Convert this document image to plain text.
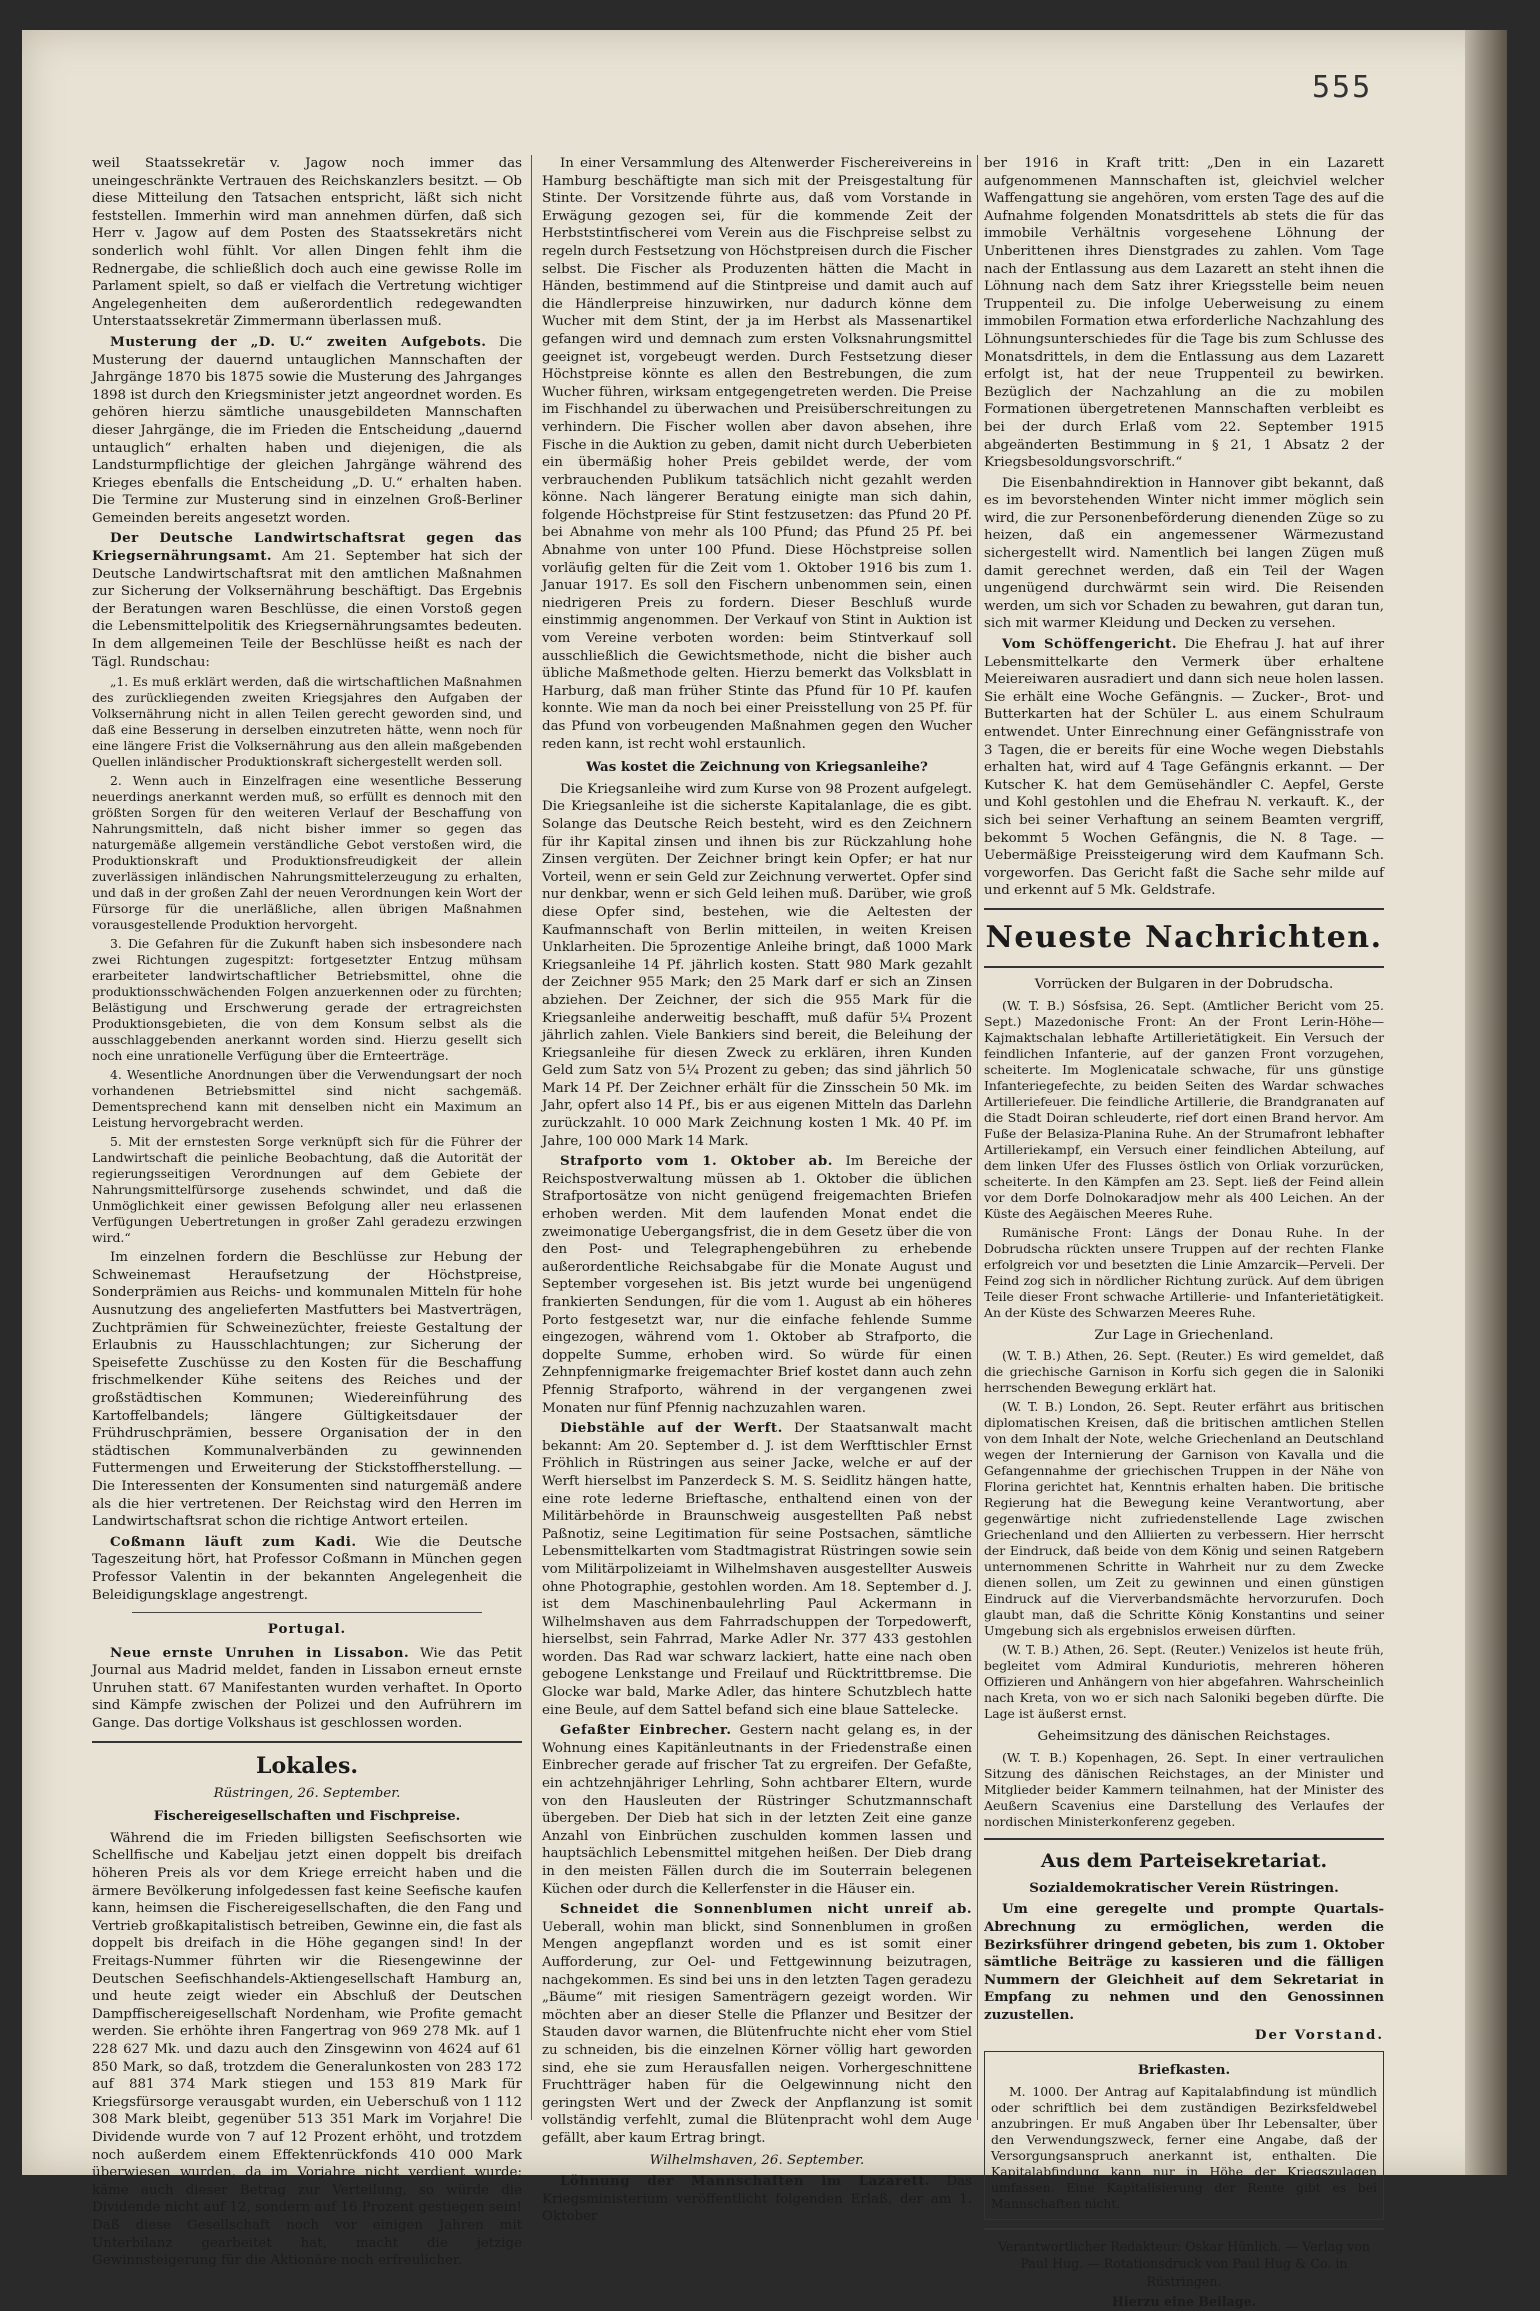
555

weil Staatssekretär v. Jagow noch immer das uneingeschränkte Vertrauen des Reichskanzlers besitzt. — Ob diese Mitteilung den Tatsachen entspricht, läßt sich nicht feststellen. Immerhin wird man annehmen dürfen, daß sich Herr v. Jagow auf dem Posten des Staatssekretärs nicht sonderlich wohl fühlt. Vor allen Dingen fehlt ihm die Rednergabe, die schließlich doch auch eine gewisse Rolle im Parlament spielt, so daß er vielfach die Vertretung wichtiger Angelegenheiten dem außerordentlich redegewandten Unterstaatssekretär Zimmermann überlassen muß.

Musterung der „D. U.“ zweiten Aufgebots. Die Musterung der dauernd untauglichen Mannschaften der Jahrgänge 1870 bis 1875 sowie die Musterung des Jahrganges 1898 ist durch den Kriegsminister jetzt angeordnet worden. Es gehören hierzu sämtliche unausgebildeten Mannschaften dieser Jahrgänge, die im Frieden die Entscheidung „dauernd untauglich“ erhalten haben und diejenigen, die als Landsturmpflichtige der gleichen Jahrgänge während des Krieges ebenfalls die Entscheidung „D. U.“ erhalten haben. Die Termine zur Musterung sind in einzelnen Groß-Berliner Gemeinden bereits angesetzt worden.

Der Deutsche Landwirtschaftsrat gegen das Kriegsernährungsamt. Am 21. September hat sich der Deutsche Landwirtschaftsrat mit den amtlichen Maßnahmen zur Sicherung der Volksernährung beschäftigt. Das Ergebnis der Beratungen waren Beschlüsse, die einen Vorstoß gegen die Lebensmittelpolitik des Kriegsernährungsamtes bedeuten. In dem allgemeinen Teile der Beschlüsse heißt es nach der Tägl. Rundschau:

„1. Es muß erklärt werden, daß die wirtschaftlichen Maßnahmen des zurückliegenden zweiten Kriegsjahres den Aufgaben der Volksernährung nicht in allen Teilen gerecht geworden sind, und daß eine Besserung in derselben einzutreten hätte, wenn noch für eine längere Frist die Volksernährung aus den allein maßgebenden Quellen inländischer Produktionskraft sichergestellt werden soll.

2. Wenn auch in Einzelfragen eine wesentliche Besserung neuerdings anerkannt werden muß, so erfüllt es dennoch mit den größten Sorgen für den weiteren Verlauf der Beschaffung von Nahrungsmitteln, daß nicht bisher immer so gegen das naturgemäße allgemein verständliche Gebot verstoßen wird, die Produktionskraft und Produktionsfreudigkeit der allein zuverlässigen inländischen Nahrungsmittelerzeugung zu erhalten, und daß in der großen Zahl der neuen Verordnungen kein Wort der Fürsorge für die unerläßliche, allen übrigen Maßnahmen vorausgestellende Produktion hervorgeht.

3. Die Gefahren für die Zukunft haben sich insbesondere nach zwei Richtungen zugespitzt: fortgesetzter Entzug mühsam erarbeiteter landwirtschaftlicher Betriebsmittel, ohne die produktionsschwächenden Folgen anzuerkennen oder zu fürchten; Belästigung und Erschwerung gerade der ertragreichsten Produktionsgebieten, die von dem Konsum selbst als die ausschlaggebenden anerkannt worden sind. Hierzu gesellt sich noch eine unrationelle Verfügung über die Ernteerträge.

4. Wesentliche Anordnungen über die Verwendungsart der noch vorhandenen Betriebsmittel sind nicht sachgemäß. Dementsprechend kann mit denselben nicht ein Maximum an Leistung hervorgebracht werden.

5. Mit der ernstesten Sorge verknüpft sich für die Führer der Landwirtschaft die peinliche Beobachtung, daß die Autorität der regierungsseitigen Verordnungen auf dem Gebiete der Nahrungsmittelfürsorge zusehends schwindet, und daß die Unmöglichkeit einer gewissen Befolgung aller neu erlassenen Verfügungen Uebertretungen in großer Zahl geradezu erzwingen wird.“

Im einzelnen fordern die Beschlüsse zur Hebung der Schweinemast Heraufsetzung der Höchstpreise, Sonderprämien aus Reichs- und kommunalen Mitteln für hohe Ausnutzung des angelieferten Mastfutters bei Mastverträgen, Zuchtprämien für Schweinezüchter, freieste Gestaltung der Erlaubnis zu Hausschlachtungen; zur Sicherung der Speisefette Zuschüsse zu den Kosten für die Beschaffung frischmelkender Kühe seitens des Reiches und der großstädtischen Kommunen; Wiedereinführung des Kartoffelbandels; längere Gültigkeitsdauer der Frühdruschprämien, bessere Organisation der in den städtischen Kommunalverbänden zu gewinnenden Futtermengen und Erweiterung der Stickstoffherstellung. — Die Interessenten der Konsumenten sind naturgemäß andere als die hier vertretenen. Der Reichstag wird den Herren im Landwirtschaftsrat schon die richtige Antwort erteilen.

Coßmann läuft zum Kadi. Wie die Deutsche Tageszeitung hört, hat Professor Coßmann in München gegen Professor Valentin in der bekannten Angelegenheit die Beleidigungsklage angestrengt.

Portugal.

Neue ernste Unruhen in Lissabon. Wie das Petit Journal aus Madrid meldet, fanden in Lissabon erneut ernste Unruhen statt. 67 Manifestanten wurden verhaftet. In Oporto sind Kämpfe zwischen der Polizei und den Aufrührern im Gange. Das dortige Volkshaus ist geschlossen worden.

Lokales.

Rüstringen, 26. September.

Fischereigesellschaften und Fischpreise.

Während die im Frieden billigsten Seefischsorten wie Schellfische und Kabeljau jetzt einen doppelt bis dreifach höheren Preis als vor dem Kriege erreicht haben und die ärmere Bevölkerung infolgedessen fast keine Seefische kaufen kann, heimsen die Fischereigesellschaften, die den Fang und Vertrieb großkapitalistisch betreiben, Gewinne ein, die fast als doppelt bis dreifach in die Höhe gegangen sind! In der Freitags-Nummer führten wir die Riesengewinne der Deutschen Seefischhandels-Aktiengesellschaft Hamburg an, und heute zeigt wieder ein Abschluß der Deutschen Dampffischereigesellschaft Nordenham, wie Profite gemacht werden. Sie erhöhte ihren Fangertrag von 969 278 Mk. auf 1 228 627 Mk. und dazu auch den Zinsgewinn von 4624 auf 61 850 Mark, so daß, trotzdem die Generalunkosten von 283 172 auf 881 374 Mark stiegen und 153 819 Mark für Kriegsfürsorge verausgabt wurden, ein Ueberschuß von 1 112 308 Mark bleibt, gegenüber 513 351 Mark im Vorjahre! Die Dividende wurde von 7 auf 12 Prozent erhöht, und trotzdem noch außerdem einem Effektenrückfonds 410 000 Mark überwiesen wurden, da im Vorjahre nicht verdient wurde; käme auch dieser Betrag zur Verteilung, so würde die Dividende nicht auf 12, sondern auf 16 Prozent gestiegen sein! Daß diese Gesellschaft noch vor einigen Jahren mit Unterbilanz gearbeitet hat, macht die jetzige Gewinnsteigerung für die Aktionäre noch erfreulicher.

In einer Versammlung des Altenwerder Fischereivereins in Hamburg beschäftigte man sich mit der Preisgestaltung für Stinte. Der Vorsitzende führte aus, daß vom Vorstande in Erwägung gezogen sei, für die kommende Zeit der Herbststintfischerei vom Verein aus die Fischpreise selbst zu regeln durch Festsetzung von Höchstpreisen durch die Fischer selbst. Die Fischer als Produzenten hätten die Macht in Händen, bestimmend auf die Stintpreise und damit auch auf die Händlerpreise hinzuwirken, nur dadurch könne dem Wucher mit dem Stint, der ja im Herbst als Massenartikel gefangen wird und demnach zum ersten Volksnahrungsmittel geeignet ist, vorgebeugt werden. Durch Festsetzung dieser Höchstpreise könnte es allen den Bestrebungen, die zum Wucher führen, wirksam entgegengetreten werden. Die Preise im Fischhandel zu überwachen und Preisüberschreitungen zu verhindern. Die Fischer wollen aber davon absehen, ihre Fische in die Auktion zu geben, damit nicht durch Ueberbieten ein übermäßig hoher Preis gebildet werde, der vom verbrauchenden Publikum tatsächlich nicht gezahlt werden könne. Nach längerer Beratung einigte man sich dahin, folgende Höchstpreise für Stint festzusetzen: das Pfund 20 Pf. bei Abnahme von mehr als 100 Pfund; das Pfund 25 Pf. bei Abnahme von unter 100 Pfund. Diese Höchstpreise sollen vorläufig gelten für die Zeit vom 1. Oktober 1916 bis zum 1. Januar 1917. Es soll den Fischern unbenommen sein, einen niedrigeren Preis zu fordern. Dieser Beschluß wurde einstimmig angenommen. Der Verkauf von Stint in Auktion ist vom Vereine verboten worden: beim Stintverkauf soll ausschließlich die Gewichtsmethode, nicht die bisher auch übliche Maßmethode gelten. Hierzu bemerkt das Volksblatt in Harburg, daß man früher Stinte das Pfund für 10 Pf. kaufen konnte. Wie man da noch bei einer Preisstellung von 25 Pf. für das Pfund von vorbeugenden Maßnahmen gegen den Wucher reden kann, ist recht wohl erstaunlich.

Was kostet die Zeichnung von Kriegsanleihe?

Die Kriegsanleihe wird zum Kurse von 98 Prozent aufgelegt. Die Kriegsanleihe ist die sicherste Kapitalanlage, die es gibt. Solange das Deutsche Reich besteht, wird es den Zeichnern für ihr Kapital zinsen und ihnen bis zur Rückzahlung hohe Zinsen vergüten. Der Zeichner bringt kein Opfer; er hat nur Vorteil, wenn er sein Geld zur Zeichnung verwertet. Opfer sind nur denkbar, wenn er sich Geld leihen muß. Darüber, wie groß diese Opfer sind, bestehen, wie die Aeltesten der Kaufmannschaft von Berlin mitteilen, in weiten Kreisen Unklarheiten. Die 5prozentige Anleihe bringt, daß 1000 Mark Kriegsanleihe 14 Pf. jährlich kosten. Statt 980 Mark gezahlt der Zeichner 955 Mark; den 25 Mark darf er sich an Zinsen abziehen. Der Zeichner, der sich die 955 Mark für die Kriegsanleihe anderweitig beschafft, muß dafür 5¼ Prozent jährlich zahlen. Viele Bankiers sind bereit, die Beleihung der Kriegsanleihe für diesen Zweck zu erklären, ihren Kunden Geld zum Satz von 5¼ Prozent zu geben; das sind jährlich 50 Mark 14 Pf. Der Zeichner erhält für die Zinsschein 50 Mk. im Jahr, opfert also 14 Pf., bis er aus eigenen Mitteln das Darlehn zurückzahlt. 10 000 Mark Zeichnung kosten 1 Mk. 40 Pf. im Jahre, 100 000 Mark 14 Mark.

Strafporto vom 1. Oktober ab. Im Bereiche der Reichspostverwaltung müssen ab 1. Oktober die üblichen Strafportosätze von nicht genügend freigemachten Briefen erhoben werden. Mit dem laufenden Monat endet die zweimonatige Uebergangsfrist, die in dem Gesetz über die von den Post- und Telegraphengebühren zu erhebende außerordentliche Reichsabgabe für die Monate August und September vorgesehen ist. Bis jetzt wurde bei ungenügend frankierten Sendungen, für die vom 1. August ab ein höheres Porto festgesetzt war, nur die einfache fehlende Summe eingezogen, während vom 1. Oktober ab Strafporto, die doppelte Summe, erhoben wird. So würde für einen Zehnpfennigmarke freigemachter Brief kostet dann auch zehn Pfennig Strafporto, während in der vergangenen zwei Monaten nur fünf Pfennig nachzuzahlen waren.

Diebstähle auf der Werft. Der Staatsanwalt macht bekannt: Am 20. September d. J. ist dem Werfttischler Ernst Fröhlich in Rüstringen aus seiner Jacke, welche er auf der Werft hierselbst im Panzerdeck S. M. S. Seidlitz hängen hatte, eine rote lederne Brieftasche, enthaltend einen von der Militärbehörde in Braunschweig ausgestellten Paß nebst Paßnotiz, seine Legitimation für seine Postsachen, sämtliche Lebensmittelkarten vom Stadtmagistrat Rüstringen sowie sein vom Militärpolizeiamt in Wilhelmshaven ausgestellter Ausweis ohne Photographie, gestohlen worden. Am 18. September d. J. ist dem Maschinenbaulehrling Paul Ackermann in Wilhelmshaven aus dem Fahrradschuppen der Torpedowerft, hierselbst, sein Fahrrad, Marke Adler Nr. 377 433 gestohlen worden. Das Rad war schwarz lackiert, hatte eine nach oben gebogene Lenkstange und Freilauf und Rücktrittbremse. Die Glocke war bald, Marke Adler, das hintere Schutzblech hatte eine Beule, auf dem Sattel befand sich eine blaue Sattelecke.

Gefaßter Einbrecher. Gestern nacht gelang es, in der Wohnung eines Kapitänleutnants in der Friedenstraße einen Einbrecher gerade auf frischer Tat zu ergreifen. Der Gefaßte, ein achtzehnjähriger Lehrling, Sohn achtbarer Eltern, wurde von den Hausleuten der Rüstringer Schutzmannschaft übergeben. Der Dieb hat sich in der letzten Zeit eine ganze Anzahl von Einbrüchen zuschulden kommen lassen und hauptsächlich Lebensmittel mitgehen heißen. Der Dieb drang in den meisten Fällen durch die im Souterrain belegenen Küchen oder durch die Kellerfenster in die Häuser ein.

Schneidet die Sonnenblumen nicht unreif ab. Ueberall, wohin man blickt, sind Sonnenblumen in großen Mengen angepflanzt worden und es ist somit einer Aufforderung, zur Oel- und Fettgewinnung beizutragen, nachgekommen. Es sind bei uns in den letzten Tagen geradezu „Bäume“ mit riesigen Samenträgern gezeigt worden. Wir möchten aber an dieser Stelle die Pflanzer und Besitzer der Stauden davor warnen, die Blütenfruchte nicht eher vom Stiel zu schneiden, bis die einzelnen Körner völlig hart geworden sind, ehe sie zum Herausfallen neigen. Vorhergeschnittene Fruchtträger haben für die Oelgewinnung nicht den geringsten Wert und der Zweck der Anpflanzung ist somit vollständig verfehlt, zumal die Blütenpracht wohl dem Auge gefällt, aber kaum Ertrag bringt.

Wilhelmshaven, 26. September.

Löhnung der Mannschaften im Lazarett. Das Kriegsministerium veröffentlicht folgenden Erlaß, der am 1. Oktober

ber 1916 in Kraft tritt: „Den in ein Lazarett aufgenommenen Mannschaften ist, gleichviel welcher Waffengattung sie angehören, vom ersten Tage des auf die Aufnahme folgenden Monatsdrittels ab stets die für das immobile Verhältnis vorgesehene Löhnung der Unberittenen ihres Dienstgrades zu zahlen. Vom Tage nach der Entlassung aus dem Lazarett an steht ihnen die Löhnung nach dem Satz ihrer Kriegsstelle beim neuen Truppenteil zu. Die infolge Ueberweisung zu einem immobilen Formation etwa erforderliche Nachzahlung des Löhnungsunterschiedes für die Tage bis zum Schlusse des Monatsdrittels, in dem die Entlassung aus dem Lazarett erfolgt ist, hat der neue Truppenteil zu bewirken. Bezüglich der Nachzahlung an die zu mobilen Formationen übergetretenen Mannschaften verbleibt es bei der durch Erlaß vom 22. September 1915 abgeänderten Bestimmung in § 21, 1 Absatz 2 der Kriegsbesoldungsvorschrift.“

Die Eisenbahndirektion in Hannover gibt bekannt, daß es im bevorstehenden Winter nicht immer möglich sein wird, die zur Personenbeförderung dienenden Züge so zu heizen, daß ein angemessener Wärmezustand sichergestellt wird. Namentlich bei langen Zügen muß damit gerechnet werden, daß ein Teil der Wagen ungenügend durchwärmt sein wird. Die Reisenden werden, um sich vor Schaden zu bewahren, gut daran tun, sich mit warmer Kleidung und Decken zu versehen.

Vom Schöffengericht. Die Ehefrau J. hat auf ihrer Lebensmittelkarte den Vermerk über erhaltene Meiereiwaren ausradiert und dann sich neue holen lassen. Sie erhält eine Woche Gefängnis. — Zucker-, Brot- und Butterkarten hat der Schüler L. aus einem Schulraum entwendet. Unter Einrechnung einer Gefängnisstrafe von 3 Tagen, die er bereits für eine Woche wegen Diebstahls erhalten hat, wird auf 4 Tage Gefängnis erkannt. — Der Kutscher K. hat dem Gemüsehändler C. Aepfel, Gerste und Kohl gestohlen und die Ehefrau N. verkauft. K., der sich bei seiner Verhaftung an seinem Beamten vergriff, bekommt 5 Wochen Gefängnis, die N. 8 Tage. — Uebermäßige Preissteigerung wird dem Kaufmann Sch. vorgeworfen. Das Gericht faßt die Sache sehr milde auf und erkennt auf 5 Mk. Geldstrafe.

Neueste Nachrichten.

Vorrücken der Bulgaren in der Dobrudscha.

(W. T. B.) Sósfsisa, 26. Sept. (Amtlicher Bericht vom 25. Sept.) Mazedonische Front: An der Front Lerin-Höhe—Kajmaktschalan lebhafte Artillerietätigkeit. Ein Versuch der feindlichen Infanterie, auf der ganzen Front vorzugehen, scheiterte. Im Moglenicatale schwache, für uns günstige Infanteriegefechte, zu beiden Seiten des Wardar schwaches Artilleriefeuer. Die feindliche Artillerie, die Brandgranaten auf die Stadt Doiran schleuderte, rief dort einen Brand hervor. Am Fuße der Belasiza-Planina Ruhe. An der Strumafront lebhafter Artilleriekampf, ein Versuch einer feindlichen Abteilung, auf dem linken Ufer des Flusses östlich von Orliak vorzurücken, scheiterte. In den Kämpfen am 23. Sept. ließ der Feind allein vor dem Dorfe Dolnokaradjow mehr als 400 Leichen. An der Küste des Aegäischen Meeres Ruhe.

Rumänische Front: Längs der Donau Ruhe. In der Dobrudscha rückten unsere Truppen auf der rechten Flanke erfolgreich vor und besetzten die Linie Amzarcik—Perveli. Der Feind zog sich in nördlicher Richtung zurück. Auf dem übrigen Teile dieser Front schwache Artillerie- und Infanterietätigkeit. An der Küste des Schwarzen Meeres Ruhe.

Zur Lage in Griechenland.

(W. T. B.) Athen, 26. Sept. (Reuter.) Es wird gemeldet, daß die griechische Garnison in Korfu sich gegen die in Saloniki herrschenden Bewegung erklärt hat.

(W. T. B.) London, 26. Sept. Reuter erfährt aus britischen diplomatischen Kreisen, daß die britischen amtlichen Stellen von dem Inhalt der Note, welche Griechenland an Deutschland wegen der Internierung der Garnison von Kavalla und die Gefangennahme der griechischen Truppen in der Nähe von Florina gerichtet hat, Kenntnis erhalten haben. Die britische Regierung hat die Bewegung keine Verantwortung, aber gegenwärtige nicht zufriedenstellende Lage zwischen Griechenland und den Alliierten zu verbessern. Hier herrscht der Eindruck, daß beide von dem König und seinen Ratgebern unternommenen Schritte in Wahrheit nur zu dem Zwecke dienen sollen, um Zeit zu gewinnen und einen günstigen Eindruck auf die Vierverbandsmächte hervorzurufen. Doch glaubt man, daß die Schritte König Konstantins und seiner Umgebung sich als ergebnislos erweisen dürften.

(W. T. B.) Athen, 26. Sept. (Reuter.) Venizelos ist heute früh, begleitet vom Admiral Kunduriotis, mehreren höheren Offizieren und Anhängern von hier abgefahren. Wahrscheinlich nach Kreta, von wo er sich nach Saloniki begeben dürfte. Die Lage ist äußerst ernst.

Geheimsitzung des dänischen Reichstages.

(W. T. B.) Kopenhagen, 26. Sept. In einer vertraulichen Sitzung des dänischen Reichstages, an der Minister und Mitglieder beider Kammern teilnahmen, hat der Minister des Aeußern Scavenius eine Darstellung des Verlaufes der nordischen Ministerkonferenz gegeben.

Aus dem Parteisekretariat.

Sozialdemokratischer Verein Rüstringen.

Um eine geregelte und prompte Quartals-Abrechnung zu ermöglichen, werden die Bezirksführer dringend gebeten, bis zum 1. Oktober sämtliche Beiträge zu kassieren und die fälligen Nummern der Gleichheit auf dem Sekretariat in Empfang zu nehmen und den Genossinnen zuzustellen.

Der Vorstand.

Briefkasten.

M. 1000. Der Antrag auf Kapitalabfindung ist mündlich oder schriftlich bei dem zuständigen Bezirksfeldwebel anzubringen. Er muß Angaben über Ihr Lebensalter, über den Verwendungszweck, ferner eine Angabe, daß der Versorgungsanspruch anerkannt ist, enthalten. Die Kapitalabfindung kann nur in Höhe der Kriegszulagen umfassen. Eine Kapitalisierung der Rente gibt es bei Mannschaften nicht.

Verantwortlicher Redakteur: Oskar Hünlich. — Verlag von Paul Hug. — Rotationsdruck von Paul Hug & Co. in Rüstringen.

Hierzu eine Beilage.
